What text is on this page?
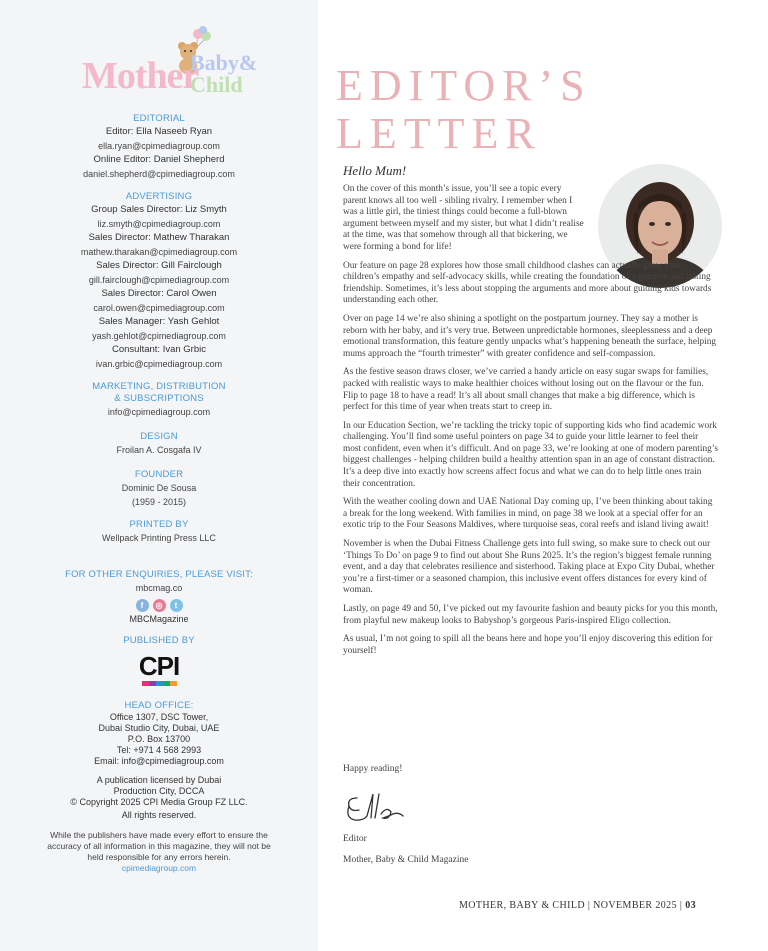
Mother
Baby&
Child
EDITORIAL
Editor: Ella Naseeb Ryan
ella.ryan@cpimediagroup.com
Online Editor: Daniel Shepherd
daniel.shepherd@cpimediagroup.com
ADVERTISING
Group Sales Director: Liz Smyth
liz.smyth@cpimediagroup.com
Sales Director: Mathew Tharakan
mathew.tharakan@cpimediagroup.com
Sales Director: Gill Fairclough
gill.fairclough@cpimediagroup.com
Sales Director: Carol Owen
carol.owen@cpimediagroup.com
Sales Manager: Yash Gehlot
yash.gehlot@cpimediagroup.com
Consultant: Ivan Grbic
ivan.grbic@cpimediagroup.com
MARKETING, DISTRIBUTION
& SUBSCRIPTIONS
info@cpimediagroup.com
DESIGN
Froilan A. Cosgafa IV
FOUNDER
Dominic De Sousa
(1959 - 2015)
PRINTED BY
Wellpack Printing Press LLC
FOR OTHER ENQUIRIES, PLEASE VISIT:
mbcmag.co
f	◎	t
MBCMagazine
PUBLISHED BY
CPI
HEAD OFFICE:
Office 1307, DSC Tower,
Dubai Studio City, Dubai, UAE
P.O. Box 13700
Tel: +971 4 568 2993
Email: info@cpimediagroup.com
A publication licensed by Dubai
Production City, DCCA
© Copyright 2025 CPI Media Group FZ LLC.
All rights reserved.
While the publishers have made every effort to ensure the
accuracy of all information in this magazine, they will not be
held responsible for any errors herein.
cpimediagroup.com
EDITOR’S
LETTER
Hello Mum!

On the cover of this month’s issue, you’ll see a topic every parent knows all too well - sibling rivalry. I remember when I was a little girl, the tiniest things could become a full-blown argument between myself and my sister, but what I didn’t realise at the time, was that somehow through all that bickering, we were forming a bond for life!

Our feature on page 28 explores how those small childhood clashes can actually grow your children’s empathy and self-advocacy skills, while creating the foundation of a genuine and lasting friendship. Sometimes, it’s less about stopping the arguments and more about guiding kids towards understanding each other.

Over on page 14 we’re also shining a spotlight on the postpartum journey. They say a mother is reborn with her baby, and it’s very true. Between unpredictable hormones, sleeplessness and a deep emotional transformation, this feature gently unpacks what’s happening beneath the surface, helping mums approach the “fourth trimester” with greater confidence and self-compassion.

As the festive season draws closer, we’ve carried a handy article on easy sugar swaps for families, packed with realistic ways to make healthier choices without losing out on the flavour or the fun. Flip to page 18 to have a read! It’s all about small changes that make a big difference, which is perfect for this time of year when treats start to creep in.

In our Education Section, we’re tackling the tricky topic of supporting kids who find academic work challenging. You’ll find some useful pointers on page 34 to guide your little learner to feel their most confident, even when it’s difficult. And on page 33, we’re looking at one of modern parenting’s biggest challenges - helping children build a healthy attention span in an age of constant distraction. It’s a deep dive into exactly how screens affect focus and what we can do to help little ones train their concentration.

With the weather cooling down and UAE National Day coming up, I’ve been thinking about taking a break for the long weekend. With families in mind, on page 38 we look at a special offer for an exotic trip to the Four Seasons Maldives, where turquoise seas, coral reefs and island living await!

November is when the Dubai Fitness Challenge gets into full swing, so make sure to check out our ‘Things To Do’ on page 9 to find out about She Runs 2025. It’s the region’s biggest female running event, and a day that celebrates resilience and sisterhood. Taking place at Expo City Dubai, whether you’re a first-timer or a seasoned champion, this inclusive event offers distances for every kind of woman.

Lastly, on page 49 and 50, I’ve picked out my favourite fashion and beauty picks for you this month, from playful new makeup looks to Babyshop’s gorgeous Paris-inspired Eligo collection.

As usual, I’m not going to spill all the beans here and hope you’ll enjoy discovering this edition for yourself!

Happy reading!
Editor
Mother, Baby & Child Magazine
MOTHER, BABY & CHILD | NOVEMBER 2025 | 03
